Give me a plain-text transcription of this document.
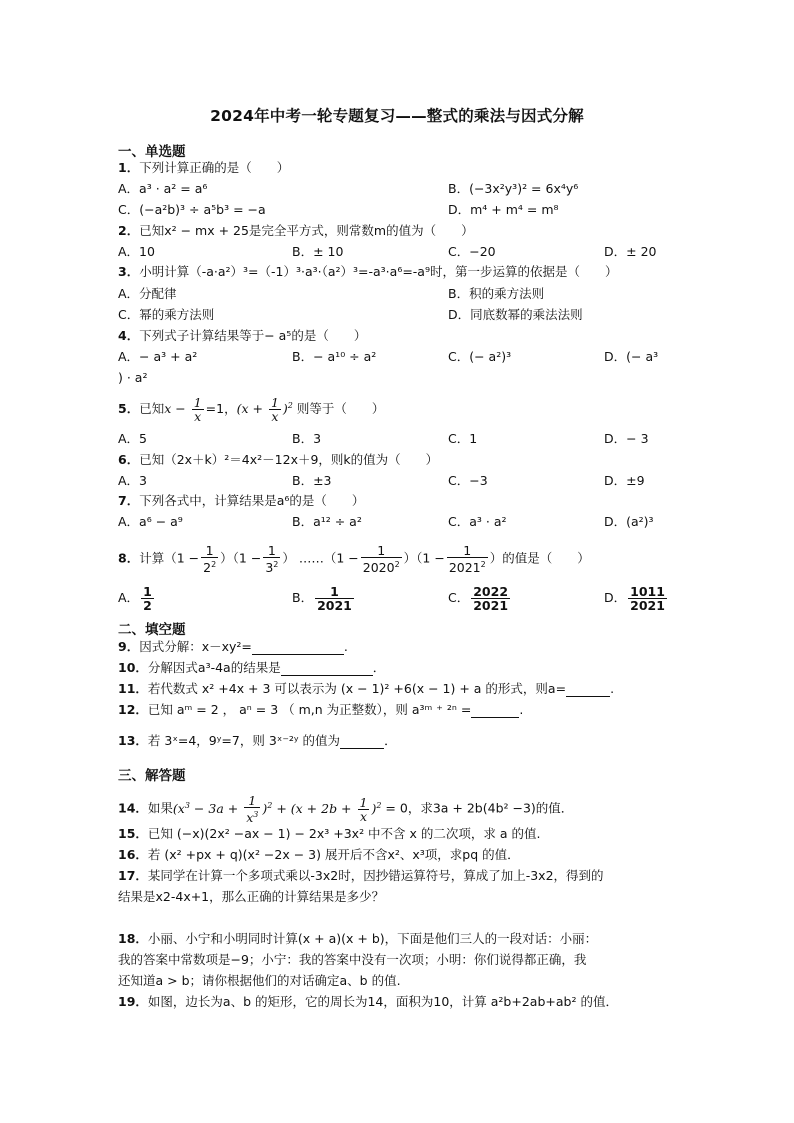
2024年中考一轮专题复习——整式的乘法与因式分解
一、单选题
1．下列计算正确的是（　　）
A．a³ · a² = a⁶	B．(−3x²y³)² = 6x⁴y⁶
C．(−a²b)³ ÷ a⁵b³ = −a	D．m⁴ + m⁴ = m⁸
2．已知x² − mx + 25是完全平方式，则常数m的值为（　　）
A．10	B．± 10	C．−20	D．± 20
3．小明计算（-a·a²）³=（-1）³·a³·（a²）³=-a³·a⁶=-a⁹时，第一步运算的依据是（　　）
A．分配律	B．积的乘方法则
C．幂的乘方法则	D．同底数幂的乘法法则
4．下列式子计算结果等于− a⁵的是（　　）
A．− a³ + a²	B．− a¹⁰ ÷ a²	C．(− a²)³	D．(− a³
) · a²
5．已知$x - \frac{1}{x} =1$，$(x + \frac{1}{x} )^2$ 则等于（　　）
A．5	B．3	C．1	D．− 3
6．已知（2x＋k）²＝4x²－12x＋9，则k的值为（　　）
A．3	B．±3	C．−3	D．±9
7．下列各式中，计算结果是a⁶的是（　　）
A．a⁶ − a⁹	B．a¹² ÷ a²	C．a³ · a²	D．(a²)³
8．计算$(1 - \frac{1}{2^2} )(1 - \frac{1}{3^2}$ ） ……（1 − $\frac{1}{2020^2} )(1 - \frac{1}{2021^2}$ ）的值是（　　）
A． $\frac{1}{2}$	B． $\frac{1}{2021}$	C． $\frac{2022}{2021}$	D． $\frac{1011}{2021}$
二、填空题
9．因式分解：x－xy²=	.
10．分解因式a³-4a的结果是	．
11．若代数式 x² +4x + 3 可以表示为 (x − 1)² +6(x − 1) + a 的形式，则a=	.
12．已知 aᵐ = 2 ， aⁿ = 3 （ m,n 为正整数），则 a³ᵐ ⁺ ²ⁿ =	.
13．若 3ˣ=4，9ʸ=7，则 3ˣ⁻²ʸ 的值为	．
三、解答题
14．如果$(x^3 - 3a + \frac{1}{x^3} )^2 + (x + 2b + \frac{1}{x} )^2 = 0$，求3a + 2b(4b² −3)的值．
15．已知 (−x)(2x² −ax − 1) − 2x³ +3x² 中不含 x 的二次项，求 a 的值.
16．若 (x² +px + q)(x² −2x − 3) 展开后不含x²、x³项，求pq 的值．
17．某同学在计算一个多项式乘以-3x2时，因抄错运算符号，算成了加上-3x2，得到的
结果是x2-4x+1，那么正确的计算结果是多少？
18．小丽、小宁和小明同时计算(x + a)(x + b)，下面是他们三人的一段对话：小丽：
我的答案中常数项是−9；小宁：我的答案中没有一次项；小明：你们说得都正确，我
还知道a > b；请你根据他们的对话确定a、b 的值.
19．如图，边长为a、b 的矩形，它的周长为14，面积为10，计算 a²b+2ab+ab² 的值．
